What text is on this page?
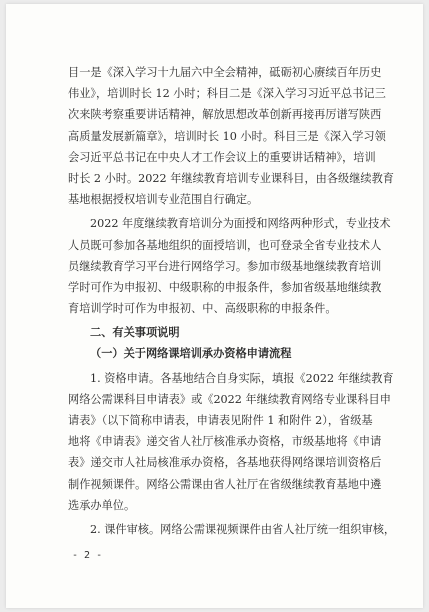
目一是《深入学习十九届六中全会精神，砥砺初心赓续百年历史
伟业》，培训时长 12 小时；科目二是《深入学习习近平总书记三
次来陕考察重要讲话精神，解放思想改革创新再接再厉谱写陕西
高质量发展新篇章》，培训时长 10 小时。科目三是《深入学习领
会习近平总书记在中央人才工作会议上的重要讲话精神》，培训
时长 2 小时。2022 年继续教育培训专业课科目，由各级继续教育
基地根据授权培训专业范围自行确定。
2022 年度继续教育培训分为面授和网络两种形式，专业技术
人员既可参加各基地组织的面授培训，也可登录全省专业技术人
员继续教育学习平台进行网络学习。参加市级基地继续教育培训
学时可作为申报初、中级职称的申报条件，参加省级基地继续教
育培训学时可作为申报初、中、高级职称的申报条件。
二、有关事项说明
（一）关于网络课培训承办资格申请流程
1. 资格申请。各基地结合自身实际，填报《2022 年继续教育
网络公需课科目申请表》或《2022 年继续教育网络专业课科目申
请表》（以下简称申请表，申请表见附件 1 和附件 2），省级基
地将《申请表》递交省人社厅核准承办资格，市级基地将《申请
表》递交市人社局核准承办资格，各基地获得网络课培训资格后
制作视频课件。网络公需课由省人社厅在省级继续教育基地中遴
选承办单位。
2. 课件审核。网络公需课视频课件由省人社厅统一组织审核，
- 2 -
